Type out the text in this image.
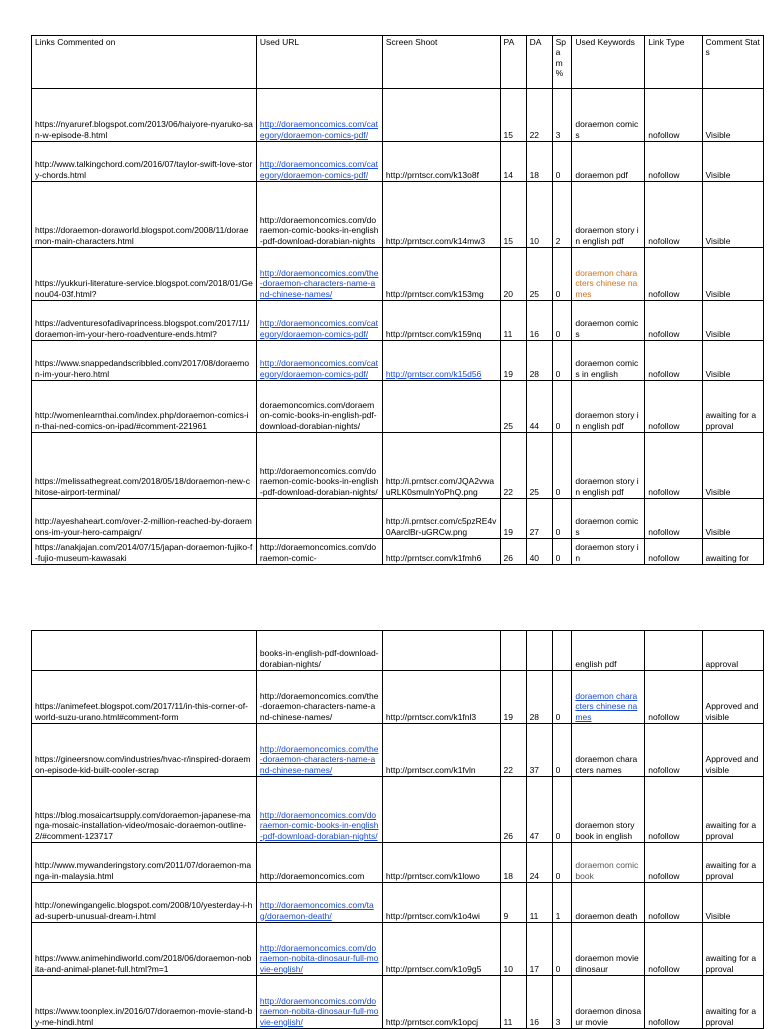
Links Commented on	Used URL	Screen Shoot	PA	DA	Sp
a
m
%	Used Keywords	Link Type	Comment Stats
https://nyaruref.blogspot.com/2013/06/haiyore-nyaruko-san-w-episode-8.html	http://doraemoncomics.com/category/doraemon-comics-pdf/		15	22	3	doraemon comics	nofollow	Visible
http://www.talkingchord.com/2016/07/taylor-swift-love-story-chords.html	http://doraemoncomics.com/category/doraemon-comics-pdf/	http://prntscr.com/k13o8f	14	18	0	doraemon pdf	nofollow	Visible
https://doraemon-doraworld.blogspot.com/2008/11/doraemon-main-characters.html	http://doraemoncomics.com/doraemon-comic-books-in-english-pdf-download-dorabian-nights	http://prntscr.com/k14mw3	15	10	2	doraemon story in english pdf	nofollow	Visible
https://yukkuri-literature-service.blogspot.com/2018/01/Genou04-03f.html?	http://doraemoncomics.com/the-doraemon-characters-name-and-chinese-names/	http://prntscr.com/k153mg	20	25	0	doraemon characters chinese names	nofollow	Visible
https://adventuresofadivaprincess.blogspot.com/2017/11/doraemon-im-your-hero-roadventure-ends.html?	http://doraemoncomics.com/category/doraemon-comics-pdf/	http://prntscr.com/k159nq	11	16	0	doraemon comics	nofollow	Visible
https://www.snappedandscribbled.com/2017/08/doraemon-im-your-hero.html	http://doraemoncomics.com/category/doraemon-comics-pdf/	http://prntscr.com/k15d56	19	28	0	doraemon comics in english	nofollow	Visible
http://womenlearnthai.com/index.php/doraemon-comics-in-thai-ned-comics-on-ipad/#comment-221961	doraemoncomics.com/doraemon-comic-books-in-english-pdf-download-dorabian-nights/		25	44	0	doraemon story in english pdf	nofollow	awaiting for approval
https://melissathegreat.com/2018/05/18/doraemon-new-chitose-airport-terminal/	http://doraemoncomics.com/doraemon-comic-books-in-english-pdf-download-dorabian-nights/	http://i.prntscr.com/JQA2vwauRLK0smulnYoPhQ.png	22	25	0	doraemon story in english pdf	nofollow	Visible
http://ayeshaheart.com/over-2-million-reached-by-doraemons-im-your-hero-campaign/		http://i.prntscr.com/c5pzRE4v0AarclBr-uGRCw.png	19	27	0	doraemon comics	nofollow	Visible
https://anakjajan.com/2014/07/15/japan-doraemon-fujiko-f-fujio-museum-kawasaki	http://doraemoncomics.com/doraemon-comic-	http://prntscr.com/k1fmh6	26	40	0	doraemon story in	nofollow	awaiting for
	books-in-english-pdf-download-dorabian-nights/					english pdf		approval
https://animefeet.blogspot.com/2017/11/in-this-corner-of-world-suzu-urano.html#comment-form	http://doraemoncomics.com/the-doraemon-characters-name-and-chinese-names/	http://prntscr.com/k1fnl3	19	28	0	doraemon characters chinese names	nofollow	Approved and visible
https://gineersnow.com/industries/hvac-r/inspired-doraemon-episode-kid-built-cooler-scrap	http://doraemoncomics.com/the-doraemon-characters-name-and-chinese-names/	http://prntscr.com/k1fvln	22	37	0	doraemon characters names	nofollow	Approved and visible
https://blog.mosaicartsupply.com/doraemon-japanese-manga-mosaic-installation-video/mosaic-doraemon-outline-2/#comment-123717	http://doraemoncomics.com/doraemon-comic-books-in-english-pdf-download-dorabian-nights/		26	47	0	doraemon story book in english	nofollow	awaiting for approval
http://www.mywanderingstory.com/2011/07/doraemon-manga-in-malaysia.html	http://doraemoncomics.com	http://prntscr.com/k1lowo	18	24	0	doraemon comic book	nofollow	awaiting for approval
http://onewingangelic.blogspot.com/2008/10/yesterday-i-had-superb-unusual-dream-i.html	http://doraemoncomics.com/tag/doraemon-death/	http://prntscr.com/k1o4wi	9	11	1	doraemon death	nofollow	Visible
https://www.animehindiworld.com/2018/06/doraemon-nobita-and-animal-planet-full.html?m=1	http://doraemoncomics.com/doraemon-nobita-dinosaur-full-movie-english/	http://prntscr.com/k1o9g5	10	17	0	doraemon movie dinosaur	nofollow	awaiting for approval
https://www.toonplex.in/2016/07/doraemon-movie-stand-by-me-hindi.html	http://doraemoncomics.com/doraemon-nobita-dinosaur-full-movie-english/	http://prntscr.com/k1opcj	11	16	3	doraemon dinosaur movie	nofollow	awaiting for approval
